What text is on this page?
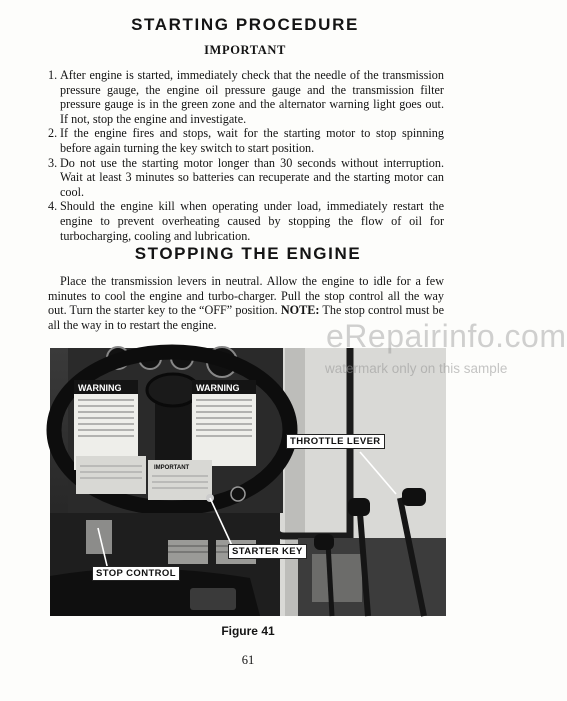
STARTING PROCEDURE
IMPORTANT
1. After engine is started, immediately check that the needle of the transmission pressure gauge, the engine oil pressure gauge and the transmission filter pressure gauge is in the green zone and the alternator warning light goes out. If not, stop the engine and investigate.
2. If the engine fires and stops, wait for the starting motor to stop spinning before again turning the key switch to start position.
3. Do not use the starting motor longer than 30 seconds without interruption. Wait at least 3 minutes so batteries can recuperate and the starting motor can cool.
4. Should the engine kill when operating under load, immediately restart the engine to prevent overheating caused by stopping the flow of oil for turbocharging, cooling and lubrication.
STOPPING THE ENGINE

Place the transmission levers in neutral. Allow the engine to idle for a few minutes to cool the engine and turbo-charger. Pull the stop control all the way out. Turn the starter key to the “OFF” position. NOTE: The stop control must be all the way in to restart the engine.

WARNING	WARNING
IMPORTANT
THROTTLE LEVER
STARTER KEY
STOP CONTROL
eRepairinfo.com
watermark only on this sample
Figure 41
61
